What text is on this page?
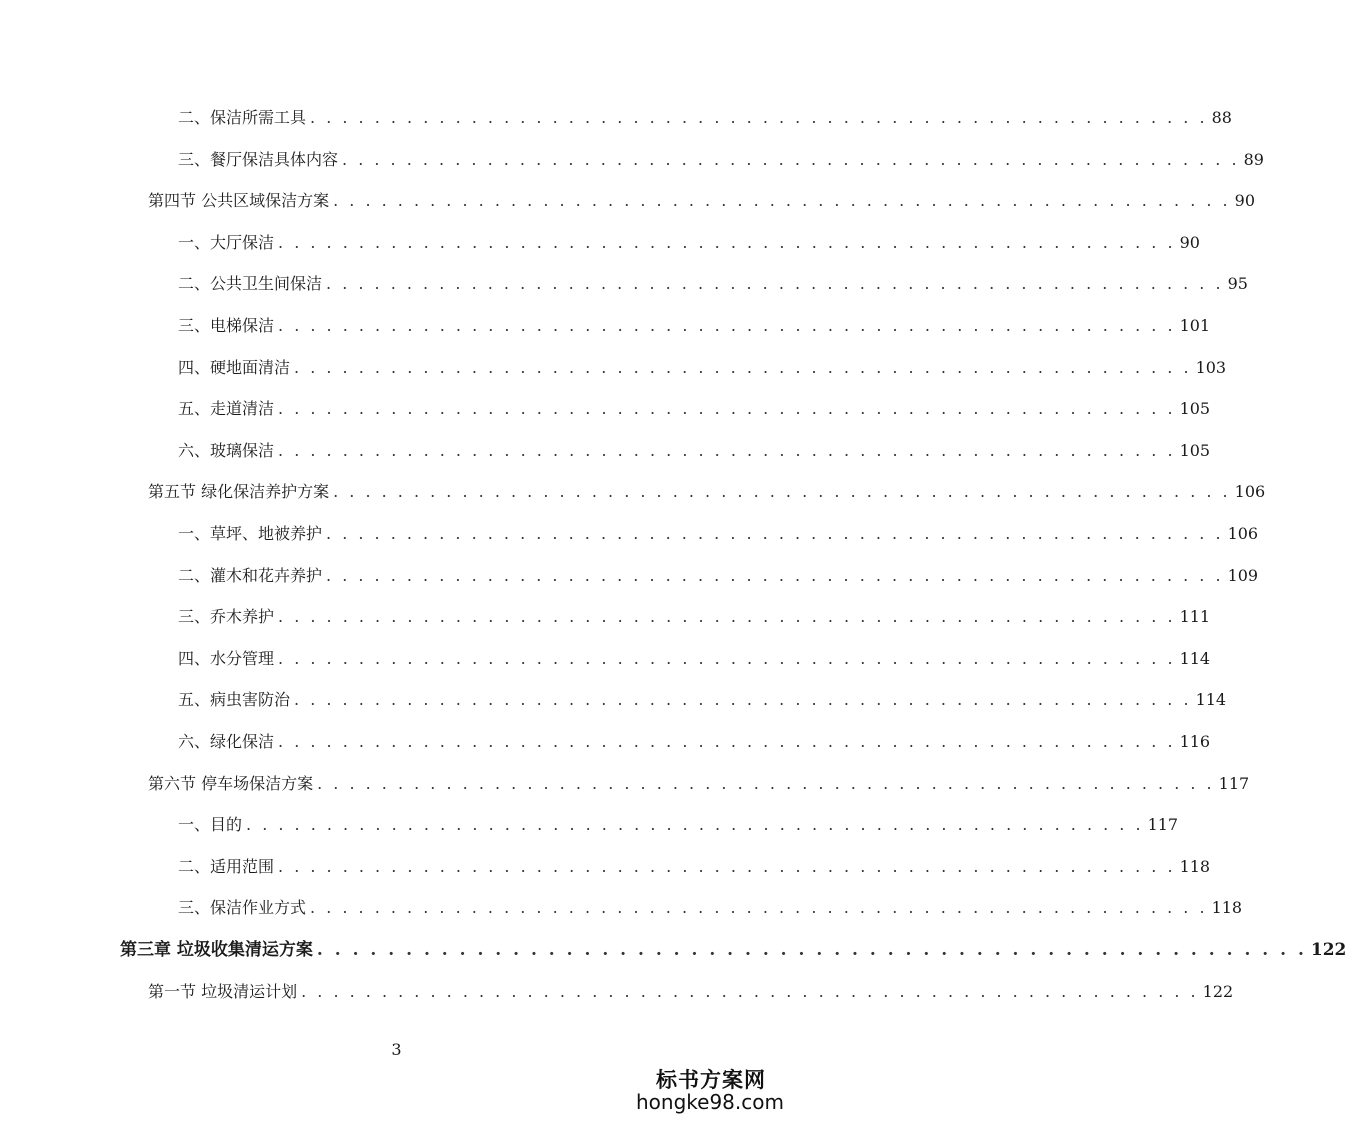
二、保洁所需工具 . . . . . . . . . . . . . . . . . . . . . . . . . . . . . . . . . . . . . . . . . . . . . . . . . . . . . . . . 88
三、餐厅保洁具体内容 . . . . . . . . . . . . . . . . . . . . . . . . . . . . . . . . . . . . . . . . . . . . . . . . . . . . . . . . 89
第四节 公共区域保洁方案 . . . . . . . . . . . . . . . . . . . . . . . . . . . . . . . . . . . . . . . . . . . . . . . . . . . . . . . . 90
一、大厅保洁 . . . . . . . . . . . . . . . . . . . . . . . . . . . . . . . . . . . . . . . . . . . . . . . . . . . . . . . . 90
二、公共卫生间保洁 . . . . . . . . . . . . . . . . . . . . . . . . . . . . . . . . . . . . . . . . . . . . . . . . . . . . . . . . 95
三、电梯保洁 . . . . . . . . . . . . . . . . . . . . . . . . . . . . . . . . . . . . . . . . . . . . . . . . . . . . . . . . 101
四、硬地面清洁 . . . . . . . . . . . . . . . . . . . . . . . . . . . . . . . . . . . . . . . . . . . . . . . . . . . . . . . . 103
五、走道清洁 . . . . . . . . . . . . . . . . . . . . . . . . . . . . . . . . . . . . . . . . . . . . . . . . . . . . . . . . 105
六、玻璃保洁 . . . . . . . . . . . . . . . . . . . . . . . . . . . . . . . . . . . . . . . . . . . . . . . . . . . . . . . . 105
第五节 绿化保洁养护方案 . . . . . . . . . . . . . . . . . . . . . . . . . . . . . . . . . . . . . . . . . . . . . . . . . . . . . . . . 106
一、草坪、地被养护 . . . . . . . . . . . . . . . . . . . . . . . . . . . . . . . . . . . . . . . . . . . . . . . . . . . . . . . . 106
二、灌木和花卉养护 . . . . . . . . . . . . . . . . . . . . . . . . . . . . . . . . . . . . . . . . . . . . . . . . . . . . . . . . 109
三、乔木养护 . . . . . . . . . . . . . . . . . . . . . . . . . . . . . . . . . . . . . . . . . . . . . . . . . . . . . . . . 111
四、水分管理 . . . . . . . . . . . . . . . . . . . . . . . . . . . . . . . . . . . . . . . . . . . . . . . . . . . . . . . . 114
五、病虫害防治 . . . . . . . . . . . . . . . . . . . . . . . . . . . . . . . . . . . . . . . . . . . . . . . . . . . . . . . . 114
六、绿化保洁 . . . . . . . . . . . . . . . . . . . . . . . . . . . . . . . . . . . . . . . . . . . . . . . . . . . . . . . . 116
第六节 停车场保洁方案 . . . . . . . . . . . . . . . . . . . . . . . . . . . . . . . . . . . . . . . . . . . . . . . . . . . . . . . . 117
一、目的 . . . . . . . . . . . . . . . . . . . . . . . . . . . . . . . . . . . . . . . . . . . . . . . . . . . . . . . . 117
二、适用范围 . . . . . . . . . . . . . . . . . . . . . . . . . . . . . . . . . . . . . . . . . . . . . . . . . . . . . . . . 118
三、保洁作业方式 . . . . . . . . . . . . . . . . . . . . . . . . . . . . . . . . . . . . . . . . . . . . . . . . . . . . . . . . 118
第三章 垃圾收集清运方案 . . . . . . . . . . . . . . . . . . . . . . . . . . . . . . . . . . . . . . . . . . . . . . . . . . . . . . . . 122
第一节 垃圾清运计划 . . . . . . . . . . . . . . . . . . . . . . . . . . . . . . . . . . . . . . . . . . . . . . . . . . . . . . . . 122
3
标书方案网
hongke98.com
